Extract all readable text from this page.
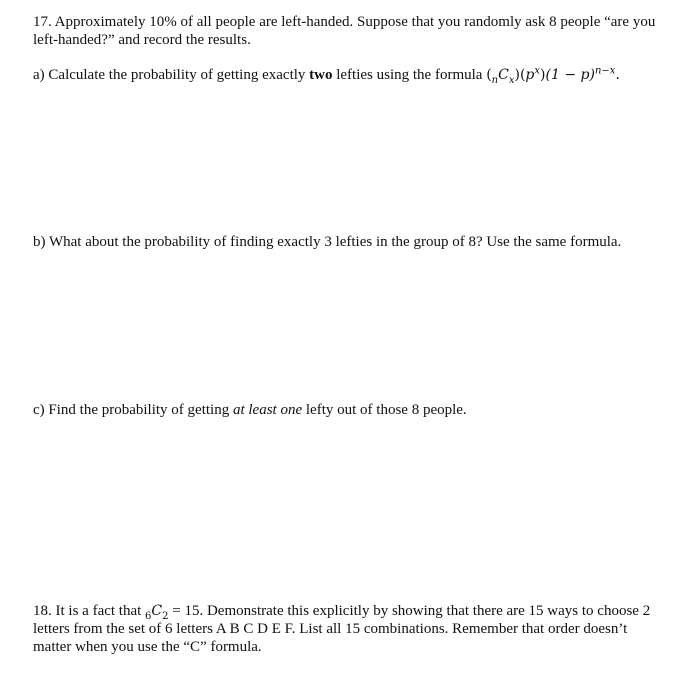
17. Approximately 10% of all people are left-handed. Suppose that you randomly ask 8 people “are you left-handed?” and record the results.

a) Calculate the probability of getting exactly two lefties using the formula $(_nC_x)(p^x)(1 - p)^{n-x}$.

b) What about the probability of finding exactly 3 lefties in the group of 8? Use the same formula.

c) Find the probability of getting at least one lefty out of those 8 people.

18. It is a fact that $_6C_2 = 15$. Demonstrate this explicitly by showing that there are 15 ways to choose 2 letters from the set of 6 letters A B C D E F. List all 15 combinations. Remember that order doesn’t matter when you use the “C” formula.
